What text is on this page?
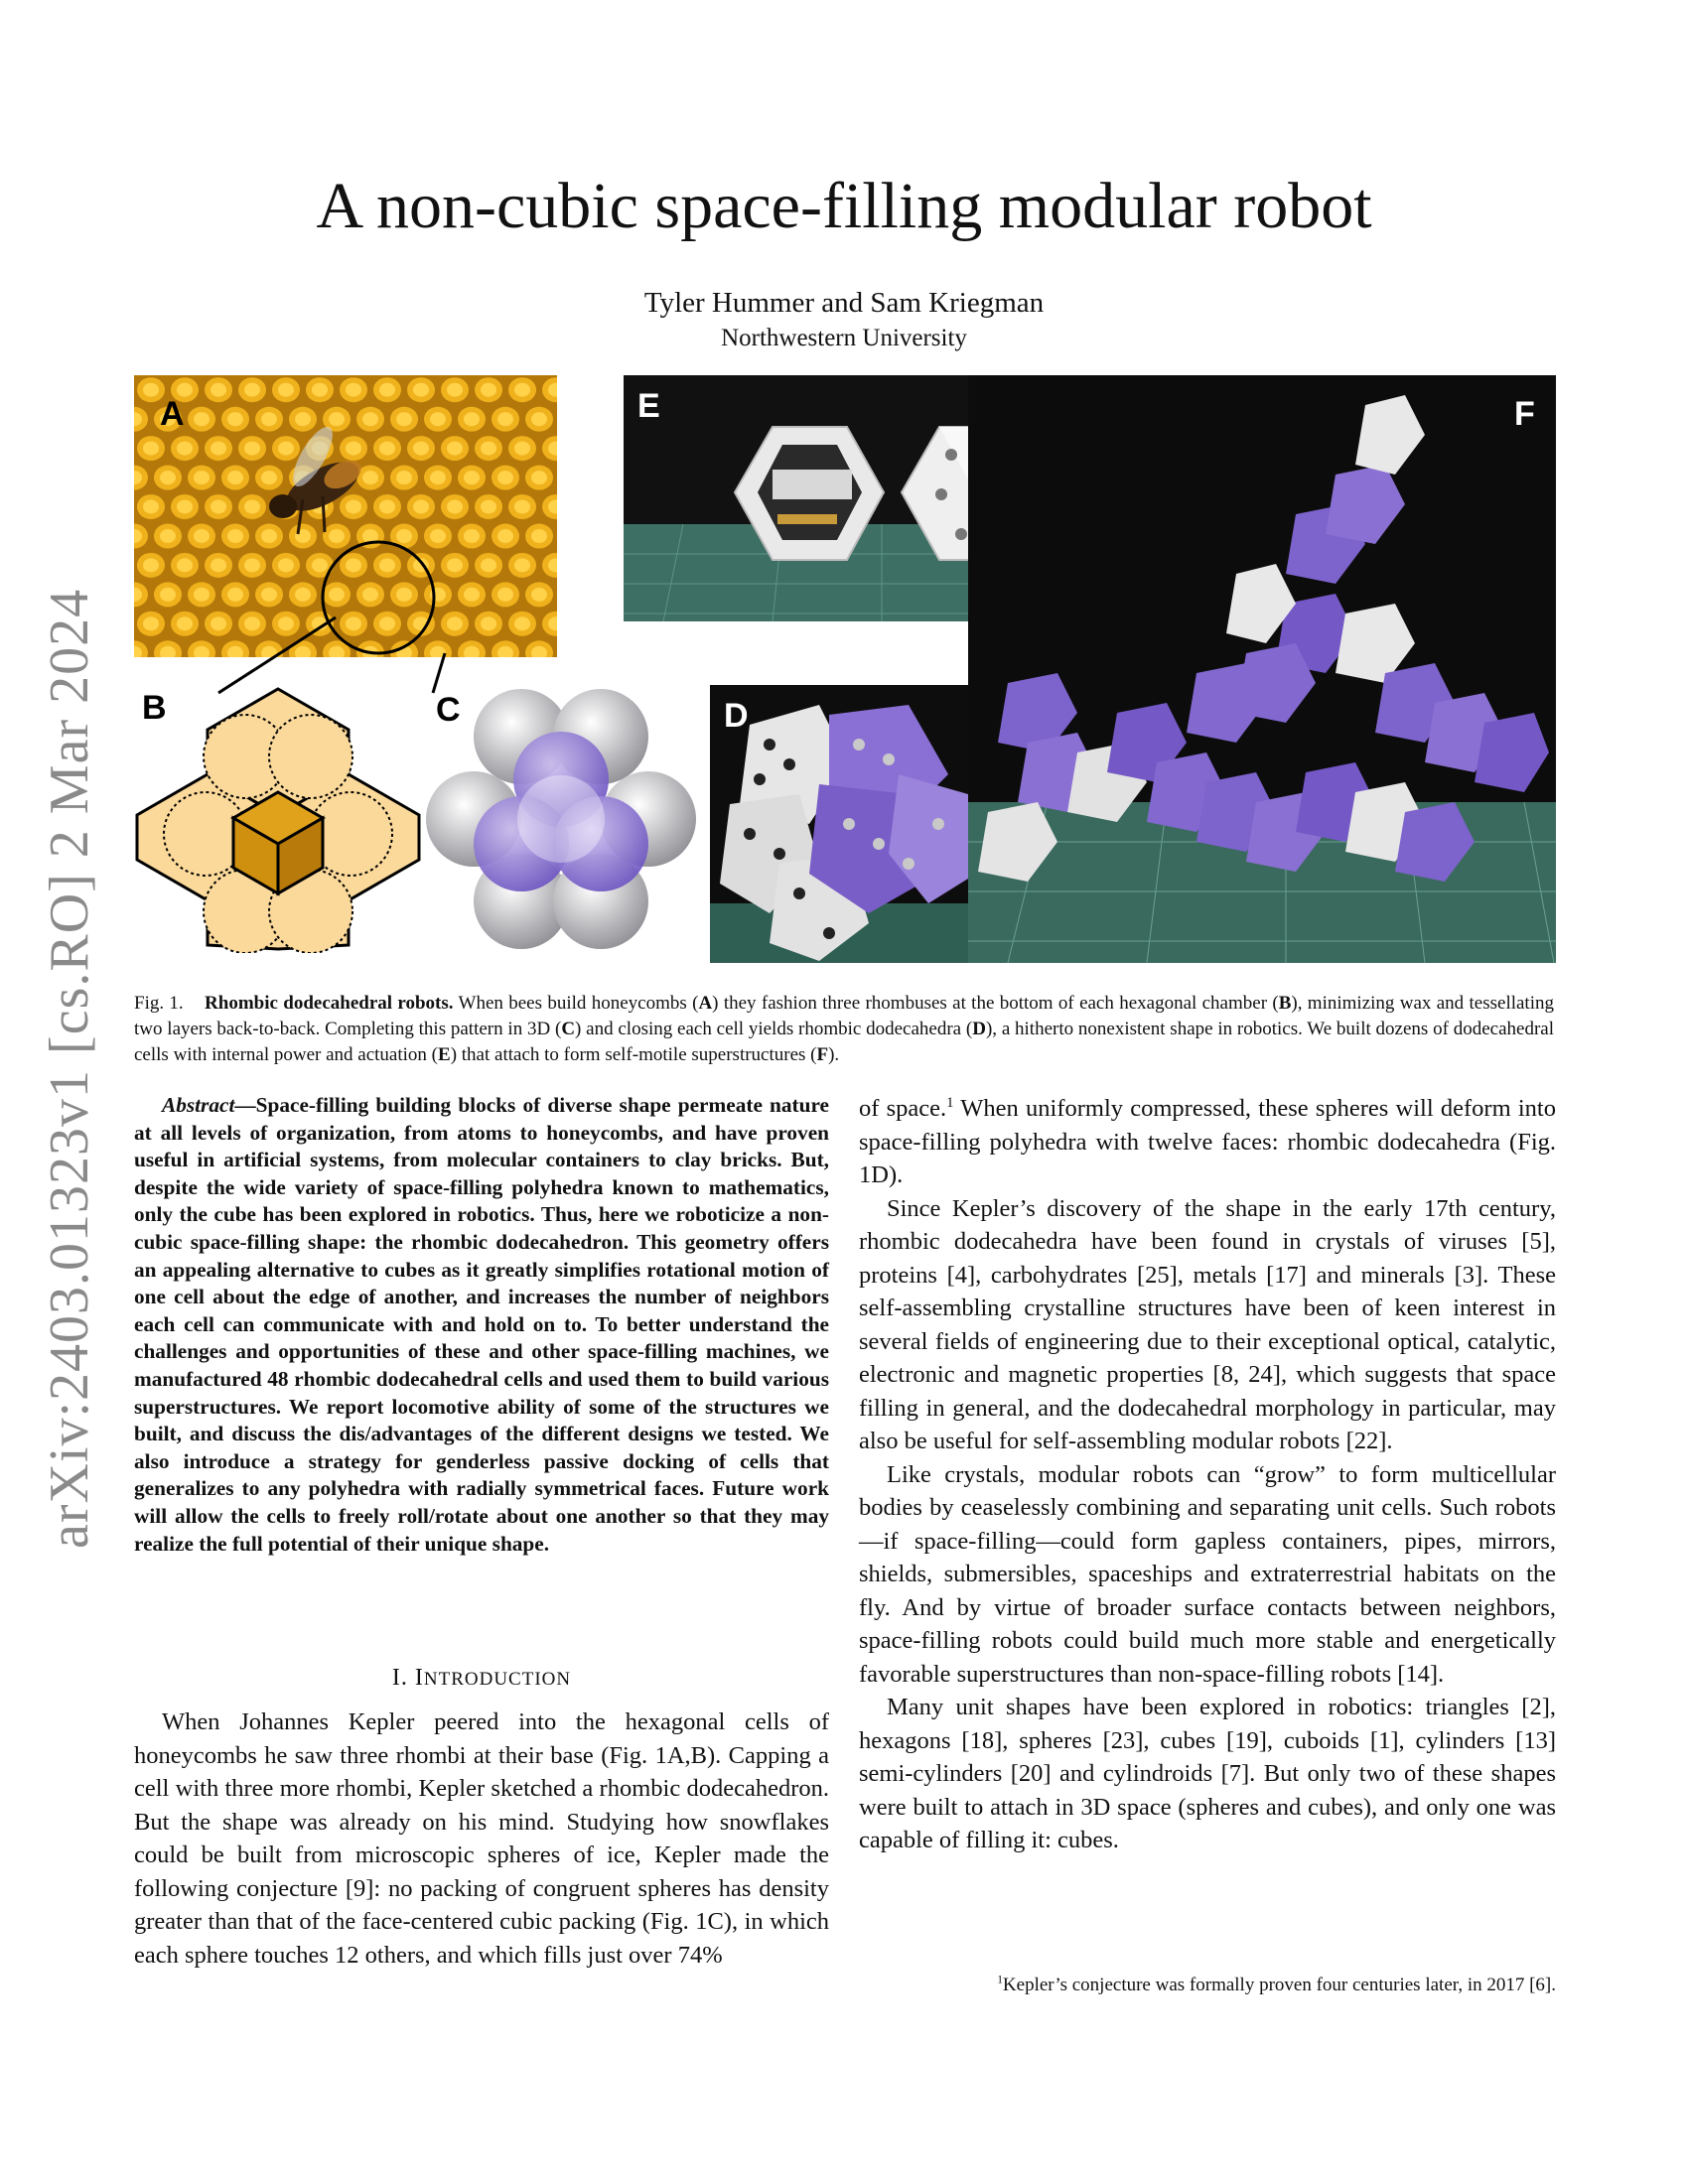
arXiv:2403.01323v1 [cs.RO] 2 Mar 2024
A non-cubic space-filling modular robot
Tyler Hummer and Sam Kriegman
Northwestern University
A
B	C
E
D
F
Fig. 1. Rhombic dodecahedral robots. When bees build honeycombs (A) they fashion three rhombuses at the bottom of each hexagonal chamber (B), minimizing wax and tessellating two layers back-to-back. Completing this pattern in 3D (C) and closing each cell yields rhombic dodecahedra (D), a hitherto nonexistent shape in robotics. We built dozens of dodecahedral cells with internal power and actuation (E) that attach to form self-motile superstructures (F).

Abstract—Space-filling building blocks of diverse shape permeate nature at all levels of organization, from atoms to honeycombs, and have proven useful in artificial systems, from molecular containers to clay bricks. But, despite the wide variety of space-filling polyhedra known to mathematics, only the cube has been explored in robotics. Thus, here we roboticize a non-cubic space-filling shape: the rhombic dodecahedron. This geometry offers an appealing alternative to cubes as it greatly simplifies rotational motion of one cell about the edge of another, and increases the number of neighbors each cell can communicate with and hold on to. To better understand the challenges and opportunities of these and other space-filling machines, we manufactured 48 rhombic dodecahedral cells and used them to build various superstructures. We report locomotive ability of some of the structures we built, and discuss the dis/advantages of the different designs we tested. We also introduce a strategy for genderless passive docking of cells that generalizes to any polyhedra with radially symmetrical faces. Future work will allow the cells to freely roll/rotate about one another so that they may realize the full potential of their unique shape.

I. INTRODUCTION

When Johannes Kepler peered into the hexagonal cells of honeycombs he saw three rhombi at their base (Fig. 1A,B). Capping a cell with three more rhombi, Kepler sketched a rhombic dodecahedron. But the shape was already on his mind. Studying how snowflakes could be built from microscopic spheres of ice, Kepler made the following conjecture [9]: no packing of congruent spheres has density greater than that of the face-centered cubic packing (Fig. 1C), in which each sphere touches 12 others, and which fills just over 74%

of space.$^1$ When uniformly compressed, these spheres will deform into space-filling polyhedra with twelve faces: rhombic dodecahedra (Fig. 1D).

Since Kepler’s discovery of the shape in the early 17th century, rhombic dodecahedra have been found in crystals of viruses [5], proteins [4], carbohydrates [25], metals [17] and minerals [3]. These self-assembling crystalline structures have been of keen interest in several fields of engineering due to their exceptional optical, catalytic, electronic and magnetic properties [8, 24], which suggests that space filling in general, and the dodecahedral morphology in particular, may also be useful for self-assembling modular robots [22].

Like crystals, modular robots can “grow” to form multicellular bodies by ceaselessly combining and separating unit cells. Such robots—if space-filling—could form gapless containers, pipes, mirrors, shields, submersibles, spaceships and extraterrestrial habitats on the fly. And by virtue of broader surface contacts between neighbors, space-filling robots could build much more stable and energetically favorable superstructures than non-space-filling robots [14].

Many unit shapes have been explored in robotics: triangles [2], hexagons [18], spheres [23], cubes [19], cuboids [1], cylinders [13] semi-cylinders [20] and cylindroids [7]. But only two of these shapes were built to attach in 3D space (spheres and cubes), and only one was capable of filling it: cubes.

$^1$Kepler’s conjecture was formally proven four centuries later, in 2017 [6].
